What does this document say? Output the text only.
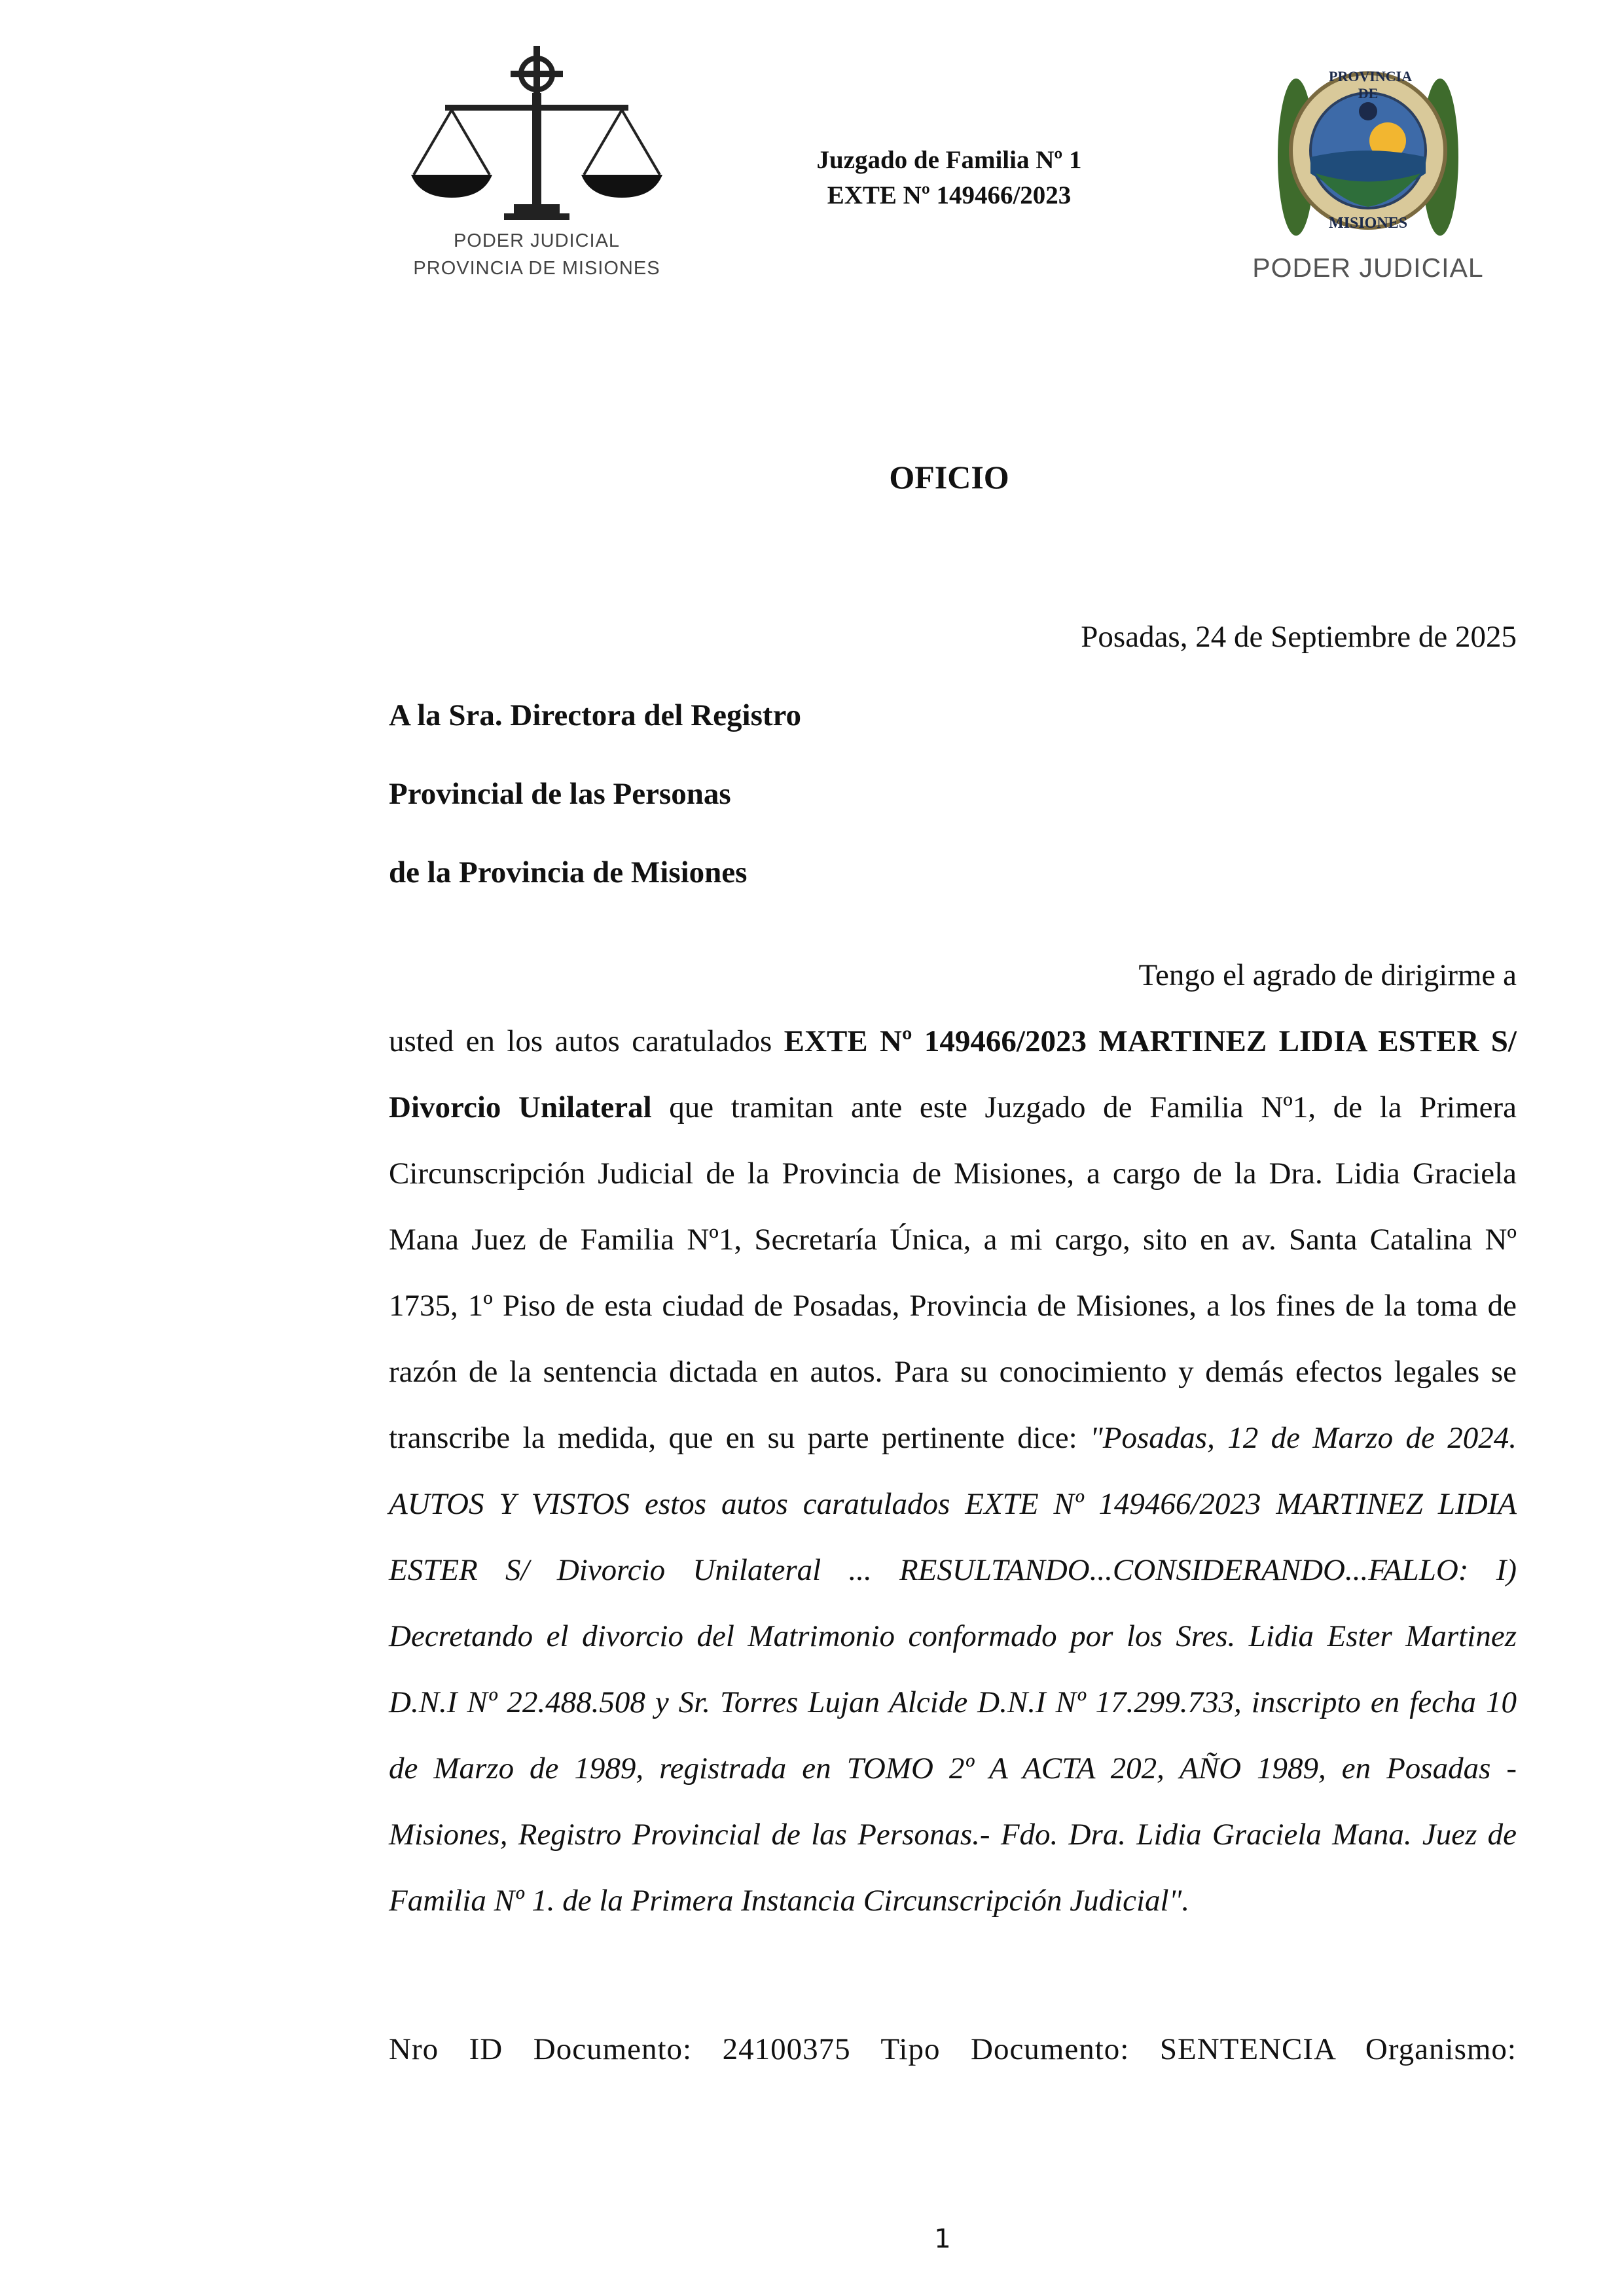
PODER JUDICIAL
PROVINCIA DE MISIONES
Juzgado de Familia Nº 1
EXTE Nº 149466/2023
PROVINCIA DE
MISIONES
PODER JUDICIAL
OFICIO
Posadas, 24 de Septiembre de 2025
A la Sra. Directora del Registro
Provincial de las Personas
de la Provincia de Misiones
Tengo el agrado de dirigirme a
usted en los autos caratulados EXTE Nº 149466/2023 MARTINEZ LIDIA ESTER S/ Divorcio Unilateral que tramitan ante este Juzgado de Familia Nº1, de la Primera Circunscripción Judicial de la Provincia de Misiones, a cargo de la Dra. Lidia Graciela Mana Juez de Familia Nº1, Secretaría Única, a mi cargo, sito en av. Santa Catalina Nº 1735, 1º Piso de esta ciudad de Posadas, Provincia de Misiones, a los fines de la toma de razón de la sentencia dictada en autos. Para su conocimiento y demás efectos legales se transcribe la medida, que en su parte pertinente dice: "Posadas, 12 de Marzo de 2024. AUTOS Y VISTOS estos autos caratulados EXTE Nº 149466/2023 MARTINEZ LIDIA ESTER S/ Divorcio Unilateral ... RESULTANDO...CONSIDERANDO...FALLO: I) Decretando el divorcio del Matrimonio conformado por los Sres. Lidia Ester Martinez D.N.I Nº 22.488.508 y Sr. Torres Lujan Alcide D.N.I Nº 17.299.733, inscripto en fecha 10 de Marzo de 1989, registrada en TOMO 2º A ACTA 202, AÑO 1989, en Posadas - Misiones, Registro Provincial de las Personas.- Fdo. Dra. Lidia Graciela Mana. Juez de Familia Nº 1. de la Primera Instancia Circunscripción Judicial".
Nro ID Documento: 24100375 Tipo Documento: SENTENCIA Organismo:
1
